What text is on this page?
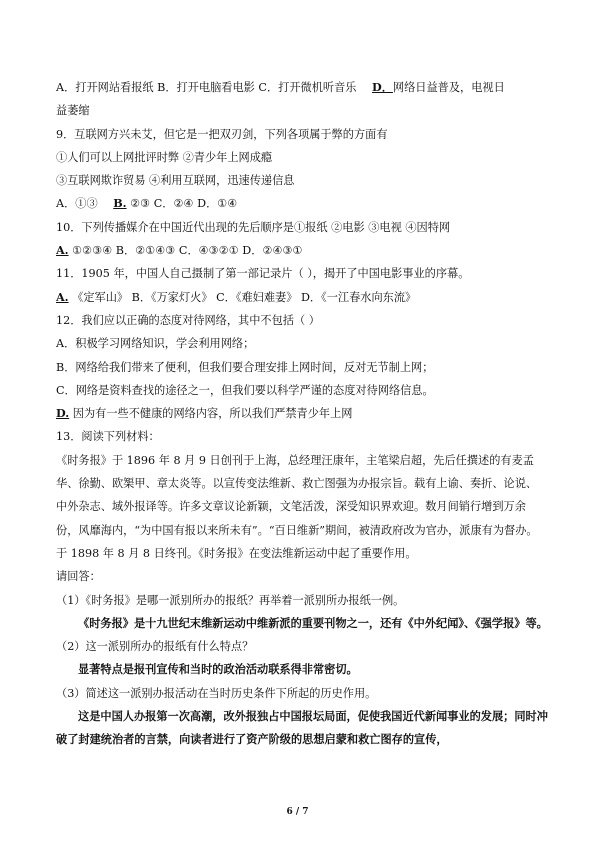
A．打开网站看报纸 B．打开电脑看电影 C．打开微机听音乐 D．网络日益普及，电视日
益萎缩
9．互联网方兴未艾，但它是一把双刃剑，下列各项属于弊的方面有
①人们可以上网批评时弊 ②青少年上网成瘾
③互联网欺诈贸易 ④利用互联网，迅速传递信息
A．①③ B. ②③ C．②④ D．①④
10．下列传播媒介在中国近代出现的先后顺序是①报纸 ②电影 ③电视 ④因特网
A. ①②③④ B．②①④③ C．④③②① D．②④③①
11．1905 年，中国人自己摄制了第一部记录片（ ），揭开了中国电影事业的序幕。
A. 《定军山》 B．《万家灯火》 C．《难妇难妻》 D．《一江春水向东流》
12．我们应以正确的态度对待网络，其中不包括（ ）
A．积极学习网络知识，学会利用网络；
B．网络给我们带来了便利，但我们要合理安排上网时间，反对无节制上网；
C．网络是资料查找的途径之一，但我们要以科学严谨的态度对待网络信息。
D. 因为有一些不健康的网络内容，所以我们严禁青少年上网
13．阅读下列材料：
《时务报》于 1896 年 8 月 9 日创刊于上海，总经理汪康年，主笔梁启超，先后任撰述的有麦孟华、徐勤、欧榘甲、章太炎等。以宣传变法维新、救亡图强为办报宗旨。载有上谕、奏折、论说、中外杂志、域外报译等。许多文章议论新颖，文笔活泼，深受知识界欢迎。数月间销行增到万余份，风靡海内，“为中国有报以来所未有”。“百日维新”期间，被清政府改为官办，派康有为督办。于 1898 年 8 月 8 日终刊。《时务报》在变法维新运动中起了重要作用。
请回答：
（1）《时务报》是哪一派别所办的报纸？再举着一派别所办报纸一例。
《时务报》是十九世纪末维新运动中维新派的重要刊物之一，还有《中外纪闻》、《强学报》等。
（2）这一派别所办的报纸有什么特点？
显著特点是报刊宣传和当时的政治活动联系得非常密切。
（3）简述这一派别办报活动在当时历史条件下所起的历史作用。
这是中国人办报第一次高潮，改外报独占中国报坛局面，促使我国近代新闻事业的发展；同时冲破了封建统治者的言禁，向读者进行了资产阶级的思想启蒙和救亡图存的宣传，
6 / 7
